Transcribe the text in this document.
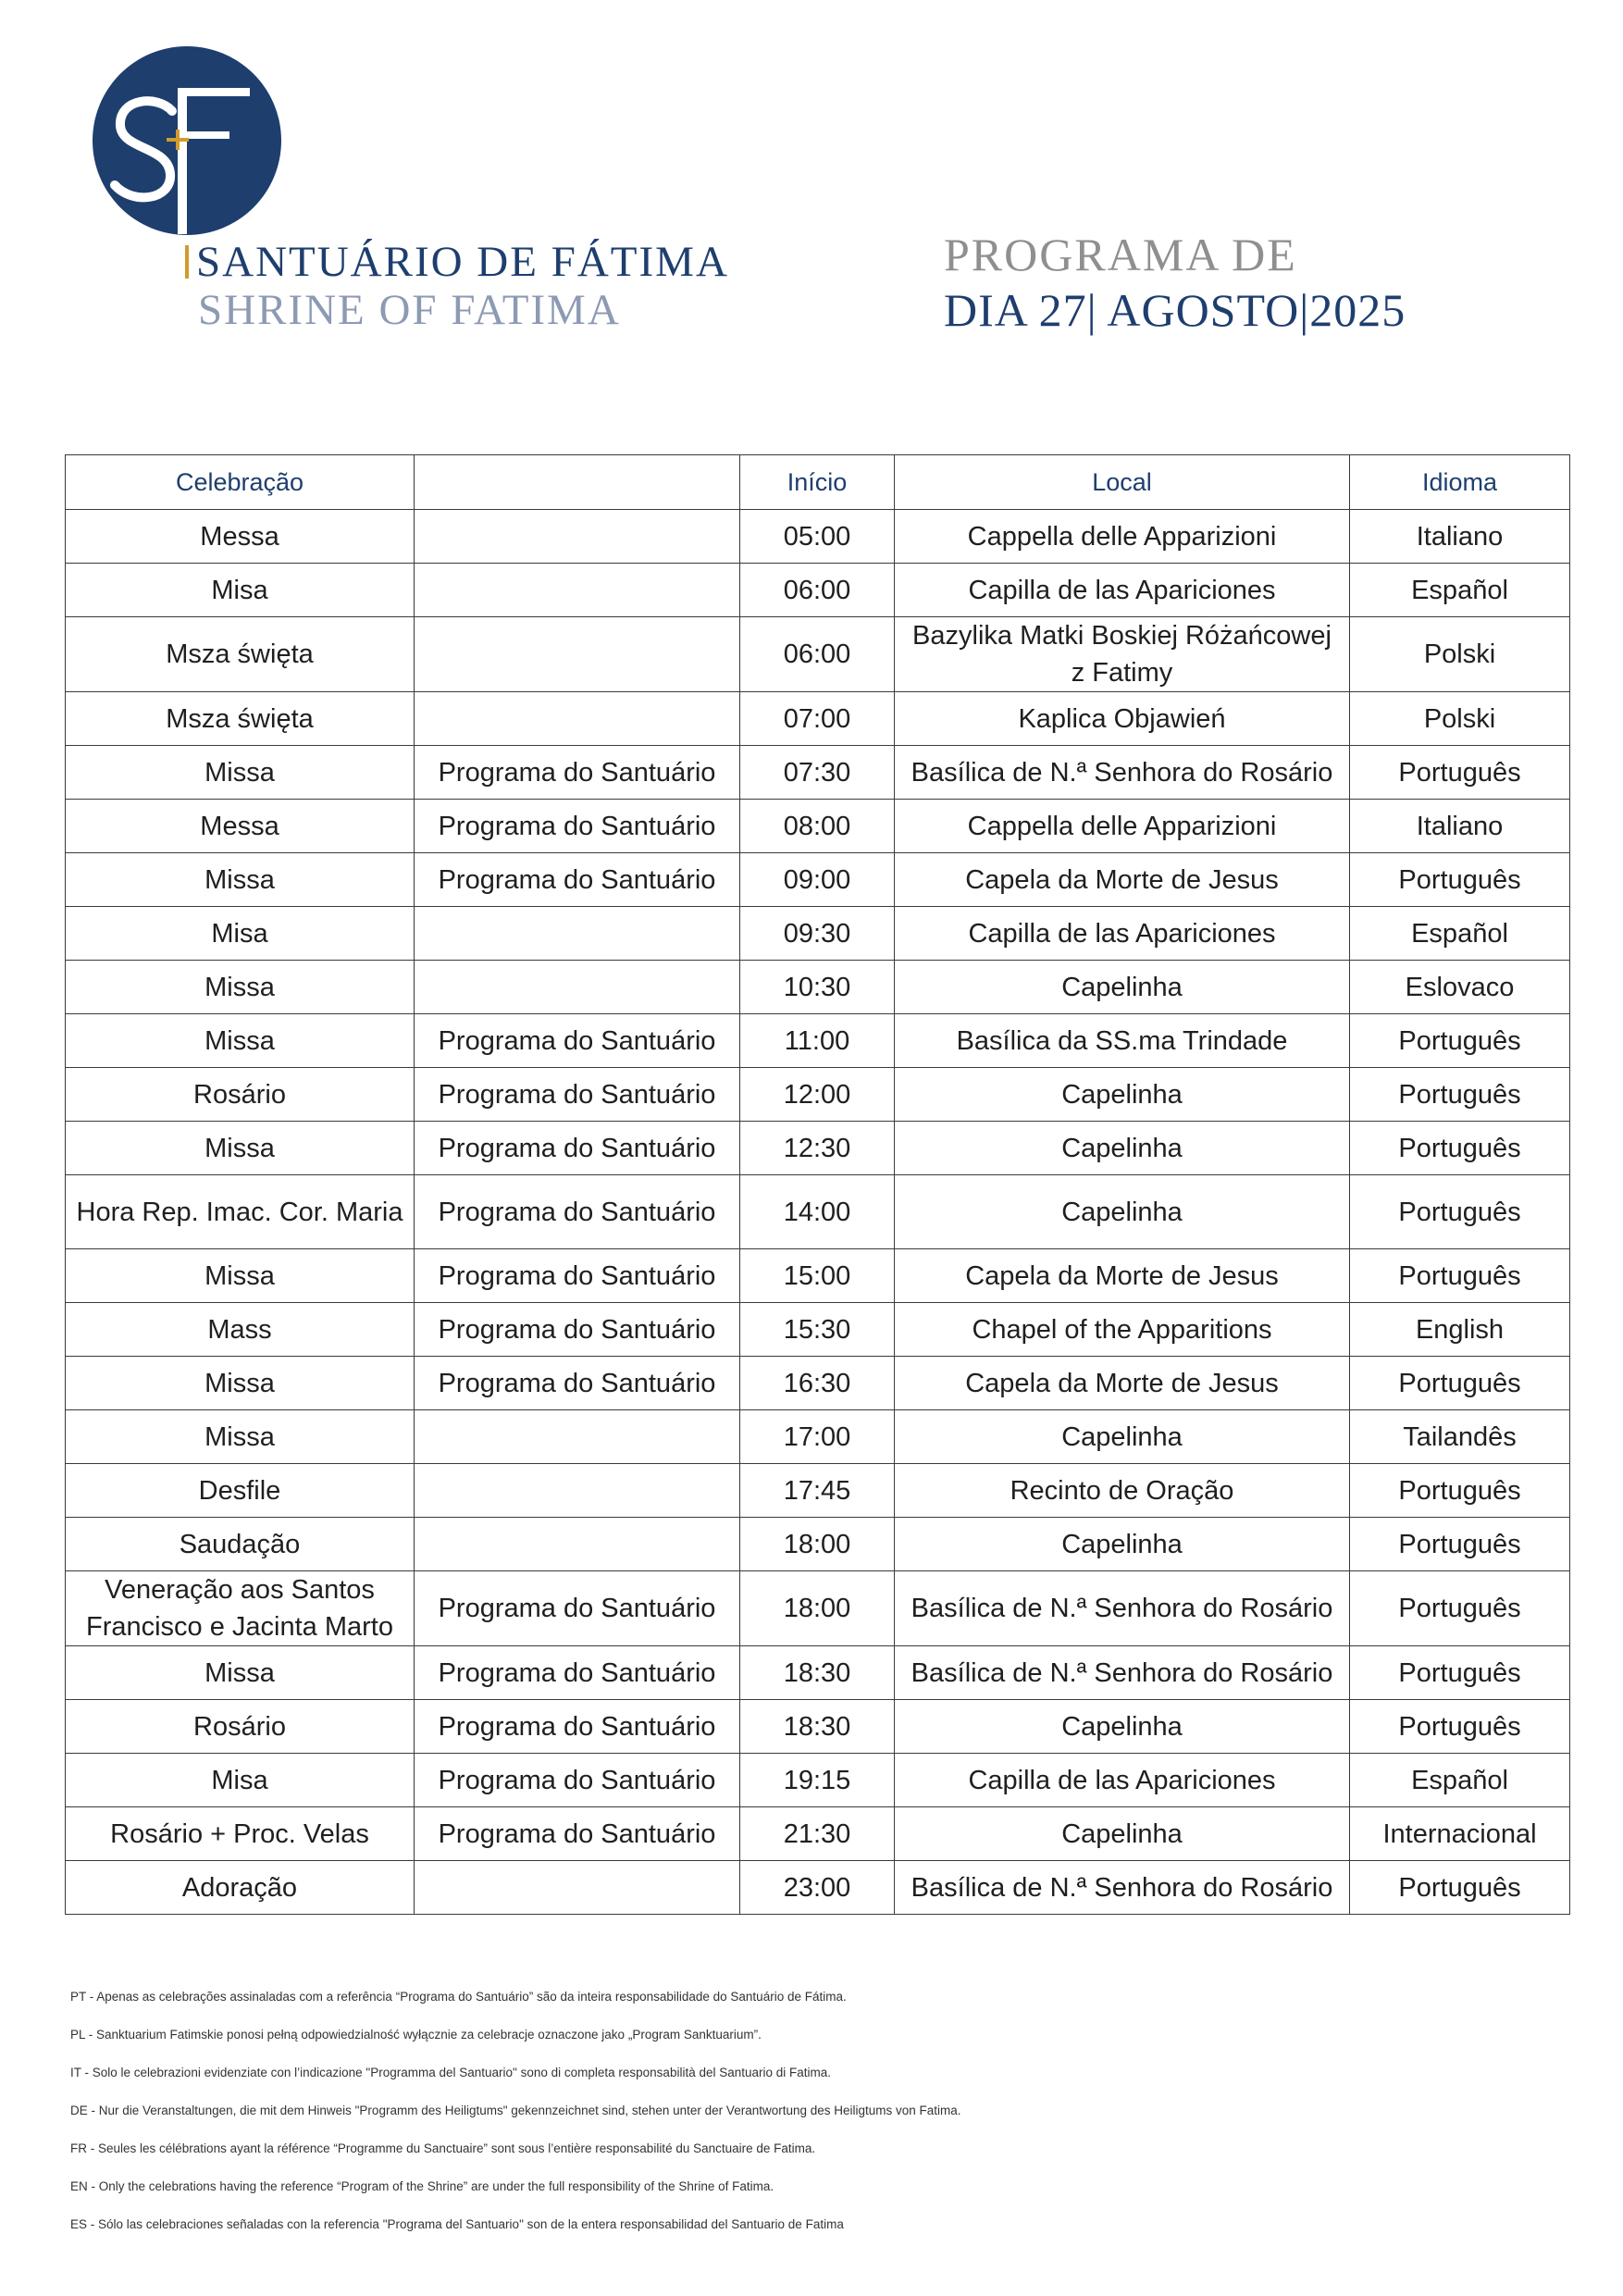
SANTUÁRIO DE FÁTIMA
SHRINE OF FATIMA
PROGRAMA DE
DIA 27| AGOSTO|2025
Celebração		Início	Local	Idioma
Messa		05:00	Cappella delle Apparizioni	Italiano
Misa		06:00	Capilla de las Apariciones	Español
Msza święta		06:00	Bazylika Matki Boskiej Różańcowej z Fatimy	Polski
Msza święta		07:00	Kaplica Objawień	Polski
Missa	Programa do Santuário	07:30	Basílica de N.ª Senhora do Rosário	Português
Messa	Programa do Santuário	08:00	Cappella delle Apparizioni	Italiano
Missa	Programa do Santuário	09:00	Capela da Morte de Jesus	Português
Misa		09:30	Capilla de las Apariciones	Español
Missa		10:30	Capelinha	Eslovaco
Missa	Programa do Santuário	11:00	Basílica da SS.ma Trindade	Português
Rosário	Programa do Santuário	12:00	Capelinha	Português
Missa	Programa do Santuário	12:30	Capelinha	Português
Hora Rep. Imac. Cor. Maria	Programa do Santuário	14:00	Capelinha	Português
Missa	Programa do Santuário	15:00	Capela da Morte de Jesus	Português
Mass	Programa do Santuário	15:30	Chapel of the Apparitions	English
Missa	Programa do Santuário	16:30	Capela da Morte de Jesus	Português
Missa		17:00	Capelinha	Tailandês
Desfile		17:45	Recinto de Oração	Português
Saudação		18:00	Capelinha	Português
Veneração aos Santos Francisco e Jacinta Marto	Programa do Santuário	18:00	Basílica de N.ª Senhora do Rosário	Português
Missa	Programa do Santuário	18:30	Basílica de N.ª Senhora do Rosário	Português
Rosário	Programa do Santuário	18:30	Capelinha	Português
Misa	Programa do Santuário	19:15	Capilla de las Apariciones	Español
Rosário + Proc. Velas	Programa do Santuário	21:30	Capelinha	Internacional
Adoração		23:00	Basílica de N.ª Senhora do Rosário	Português
PT - Apenas as celebrações assinaladas com a referência “Programa do Santuário” são da inteira responsabilidade do Santuário de Fátima.
PL - Sanktuarium Fatimskie ponosi pełną odpowiedzialność wyłącznie za celebracje oznaczone jako „Program Sanktuarium”.
IT - Solo le celebrazioni evidenziate con l’indicazione "Programma del Santuario" sono di completa responsabilità del Santuario di Fatima.
DE - Nur die Veranstaltungen, die mit dem Hinweis "Programm des Heiligtums" gekennzeichnet sind, stehen unter der Verantwortung des Heiligtums von Fatima.
FR - Seules les célébrations ayant la référence “Programme du Sanctuaire” sont sous l’entière responsabilité du Sanctuaire de Fatima.
EN - Only the celebrations having the reference “Program of the Shrine” are under the full responsibility of the Shrine of Fatima.
ES - Sólo las celebraciones señaladas con la referencia "Programa del Santuario" son de la entera responsabilidad del Santuario de Fatima
